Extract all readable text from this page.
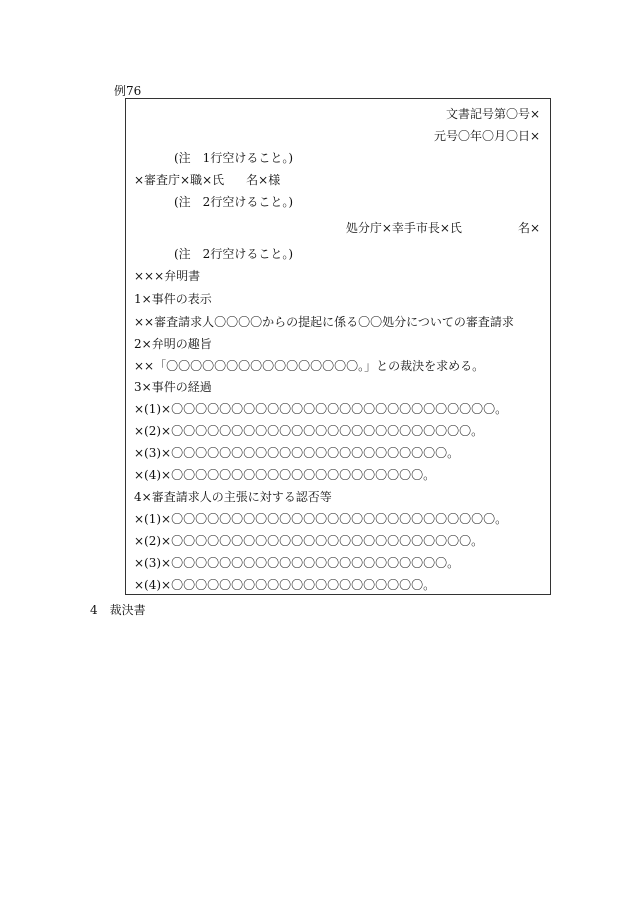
例76
文書記号第〇号×
元号〇年〇月〇日×
(注　1行空けること。)
×審査庁×職×氏 名×様
(注　2行空けること。)
処分庁×幸手市長×氏	名×
(注　2行空けること。)
×××弁明書
1×事件の表示
××審査請求人〇〇〇〇からの提起に係る〇〇処分についての審査請求
2×弁明の趣旨
××「〇〇〇〇〇〇〇〇〇〇〇〇〇〇〇〇。」との裁決を求める。
3×事件の経過
×(1)×〇〇〇〇〇〇〇〇〇〇〇〇〇〇〇〇〇〇〇〇〇〇〇〇〇〇〇。
×(2)×〇〇〇〇〇〇〇〇〇〇〇〇〇〇〇〇〇〇〇〇〇〇〇〇〇。
×(3)×〇〇〇〇〇〇〇〇〇〇〇〇〇〇〇〇〇〇〇〇〇〇〇。
×(4)×〇〇〇〇〇〇〇〇〇〇〇〇〇〇〇〇〇〇〇〇〇。
4×審査請求人の主張に対する認否等
×(1)×〇〇〇〇〇〇〇〇〇〇〇〇〇〇〇〇〇〇〇〇〇〇〇〇〇〇〇。
×(2)×〇〇〇〇〇〇〇〇〇〇〇〇〇〇〇〇〇〇〇〇〇〇〇〇〇。
×(3)×〇〇〇〇〇〇〇〇〇〇〇〇〇〇〇〇〇〇〇〇〇〇〇。
×(4)×〇〇〇〇〇〇〇〇〇〇〇〇〇〇〇〇〇〇〇〇〇。
4　裁決書
